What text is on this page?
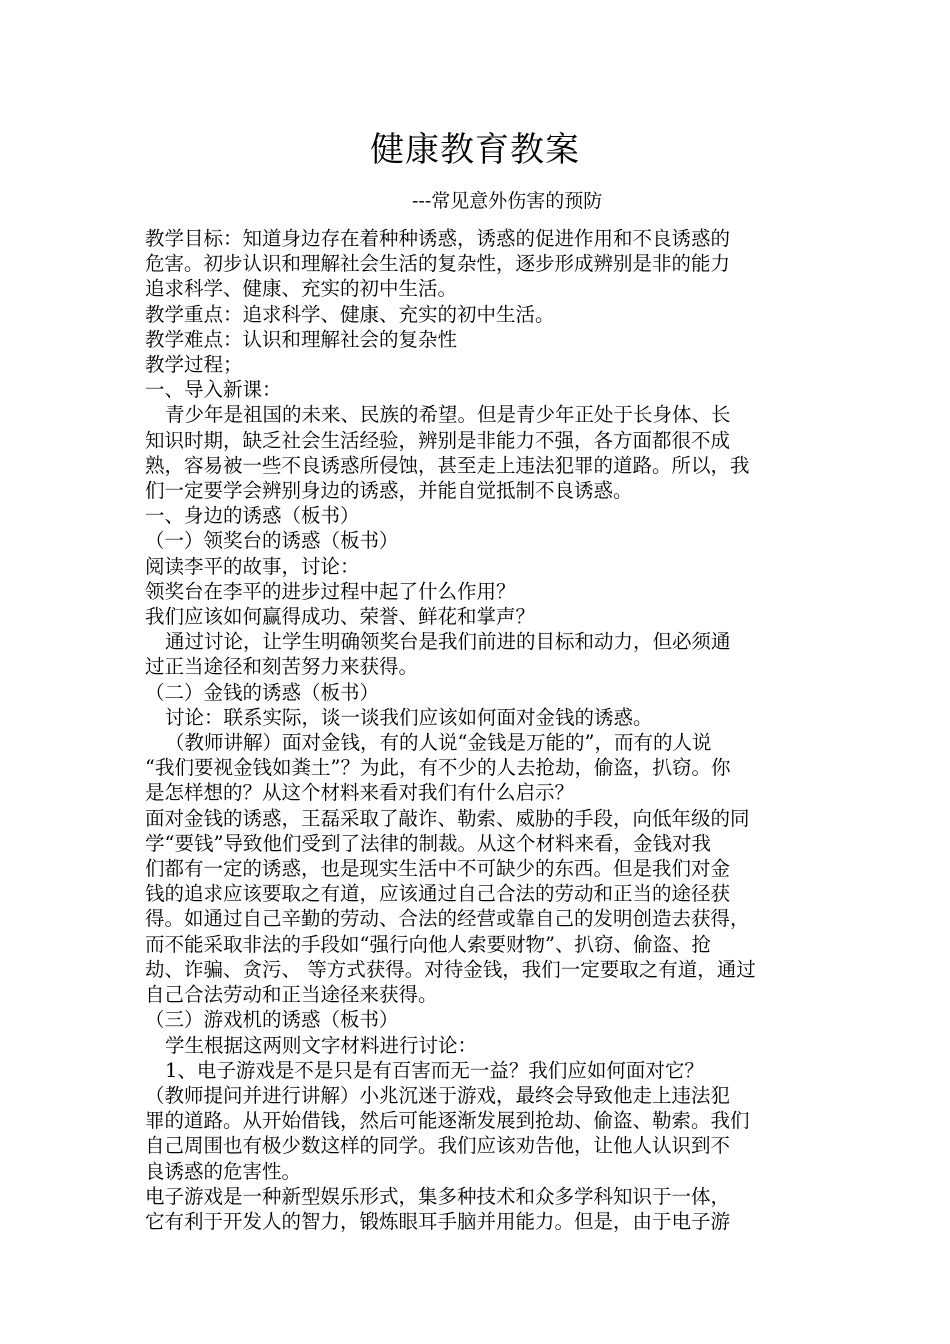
健康教育教案
---常见意外伤害的预防

教学目标：知道身边存在着种种诱惑，诱惑的促进作用和不良诱惑的

危害。初步认识和理解社会生活的复杂性，逐步形成辨别是非的能力

追求科学、健康、充实的初中生活。

教学重点：追求科学、健康、充实的初中生活。

教学难点：认识和理解社会的复杂性

教学过程；

一、导入新课：

青少年是祖国的未来、民族的希望。但是青少年正处于长身体、长

知识时期，缺乏社会生活经验，辨别是非能力不强，各方面都很不成

熟，容易被一些不良诱惑所侵蚀，甚至走上违法犯罪的道路。所以，我

们一定要学会辨别身边的诱惑，并能自觉抵制不良诱惑。

一、身边的诱惑（板书）

（一）领奖台的诱惑（板书）

阅读李平的故事，讨论：

领奖台在李平的进步过程中起了什么作用？

我们应该如何赢得成功、荣誉、鲜花和掌声？

通过讨论，让学生明确领奖台是我们前进的目标和动力，但必须通

过正当途径和刻苦努力来获得。

（二）金钱的诱惑（板书）

讨论：联系实际，谈一谈我们应该如何面对金钱的诱惑。

（教师讲解）面对金钱，有的人说“金钱是万能的”，而有的人说

“我们要视金钱如粪土”？为此，有不少的人去抢劫，偷盗，扒窃。你

是怎样想的？从这个材料来看对我们有什么启示？

面对金钱的诱惑，王磊采取了敲诈、勒索、威胁的手段，向低年级的同

学“要钱”导致他们受到了法律的制裁。从这个材料来看，金钱对我

们都有一定的诱惑，也是现实生活中不可缺少的东西。但是我们对金

钱的追求应该要取之有道，应该通过自己合法的劳动和正当的途径获

得。如通过自己辛勤的劳动、合法的经营或靠自己的发明创造去获得，

而不能采取非法的手段如“强行向他人索要财物”、扒窃、偷盗、抢

劫、诈骗、贪污、 等方式获得。对待金钱，我们一定要取之有道，通过

自己合法劳动和正当途径来获得。

（三）游戏机的诱惑（板书）

学生根据这两则文字材料进行讨论：

1、电子游戏是不是只是有百害而无一益？我们应如何面对它？

（教师提问并进行讲解）小兆沉迷于游戏，最终会导致他走上违法犯

罪的道路。从开始借钱，然后可能逐渐发展到抢劫、偷盗、勒索。我们

自己周围也有极少数这样的同学。我们应该劝告他，让他人认识到不

良诱惑的危害性。

电子游戏是一种新型娱乐形式，集多种技术和众多学科知识于一体，

它有利于开发人的智力，锻炼眼耳手脑并用能力。但是，由于电子游
